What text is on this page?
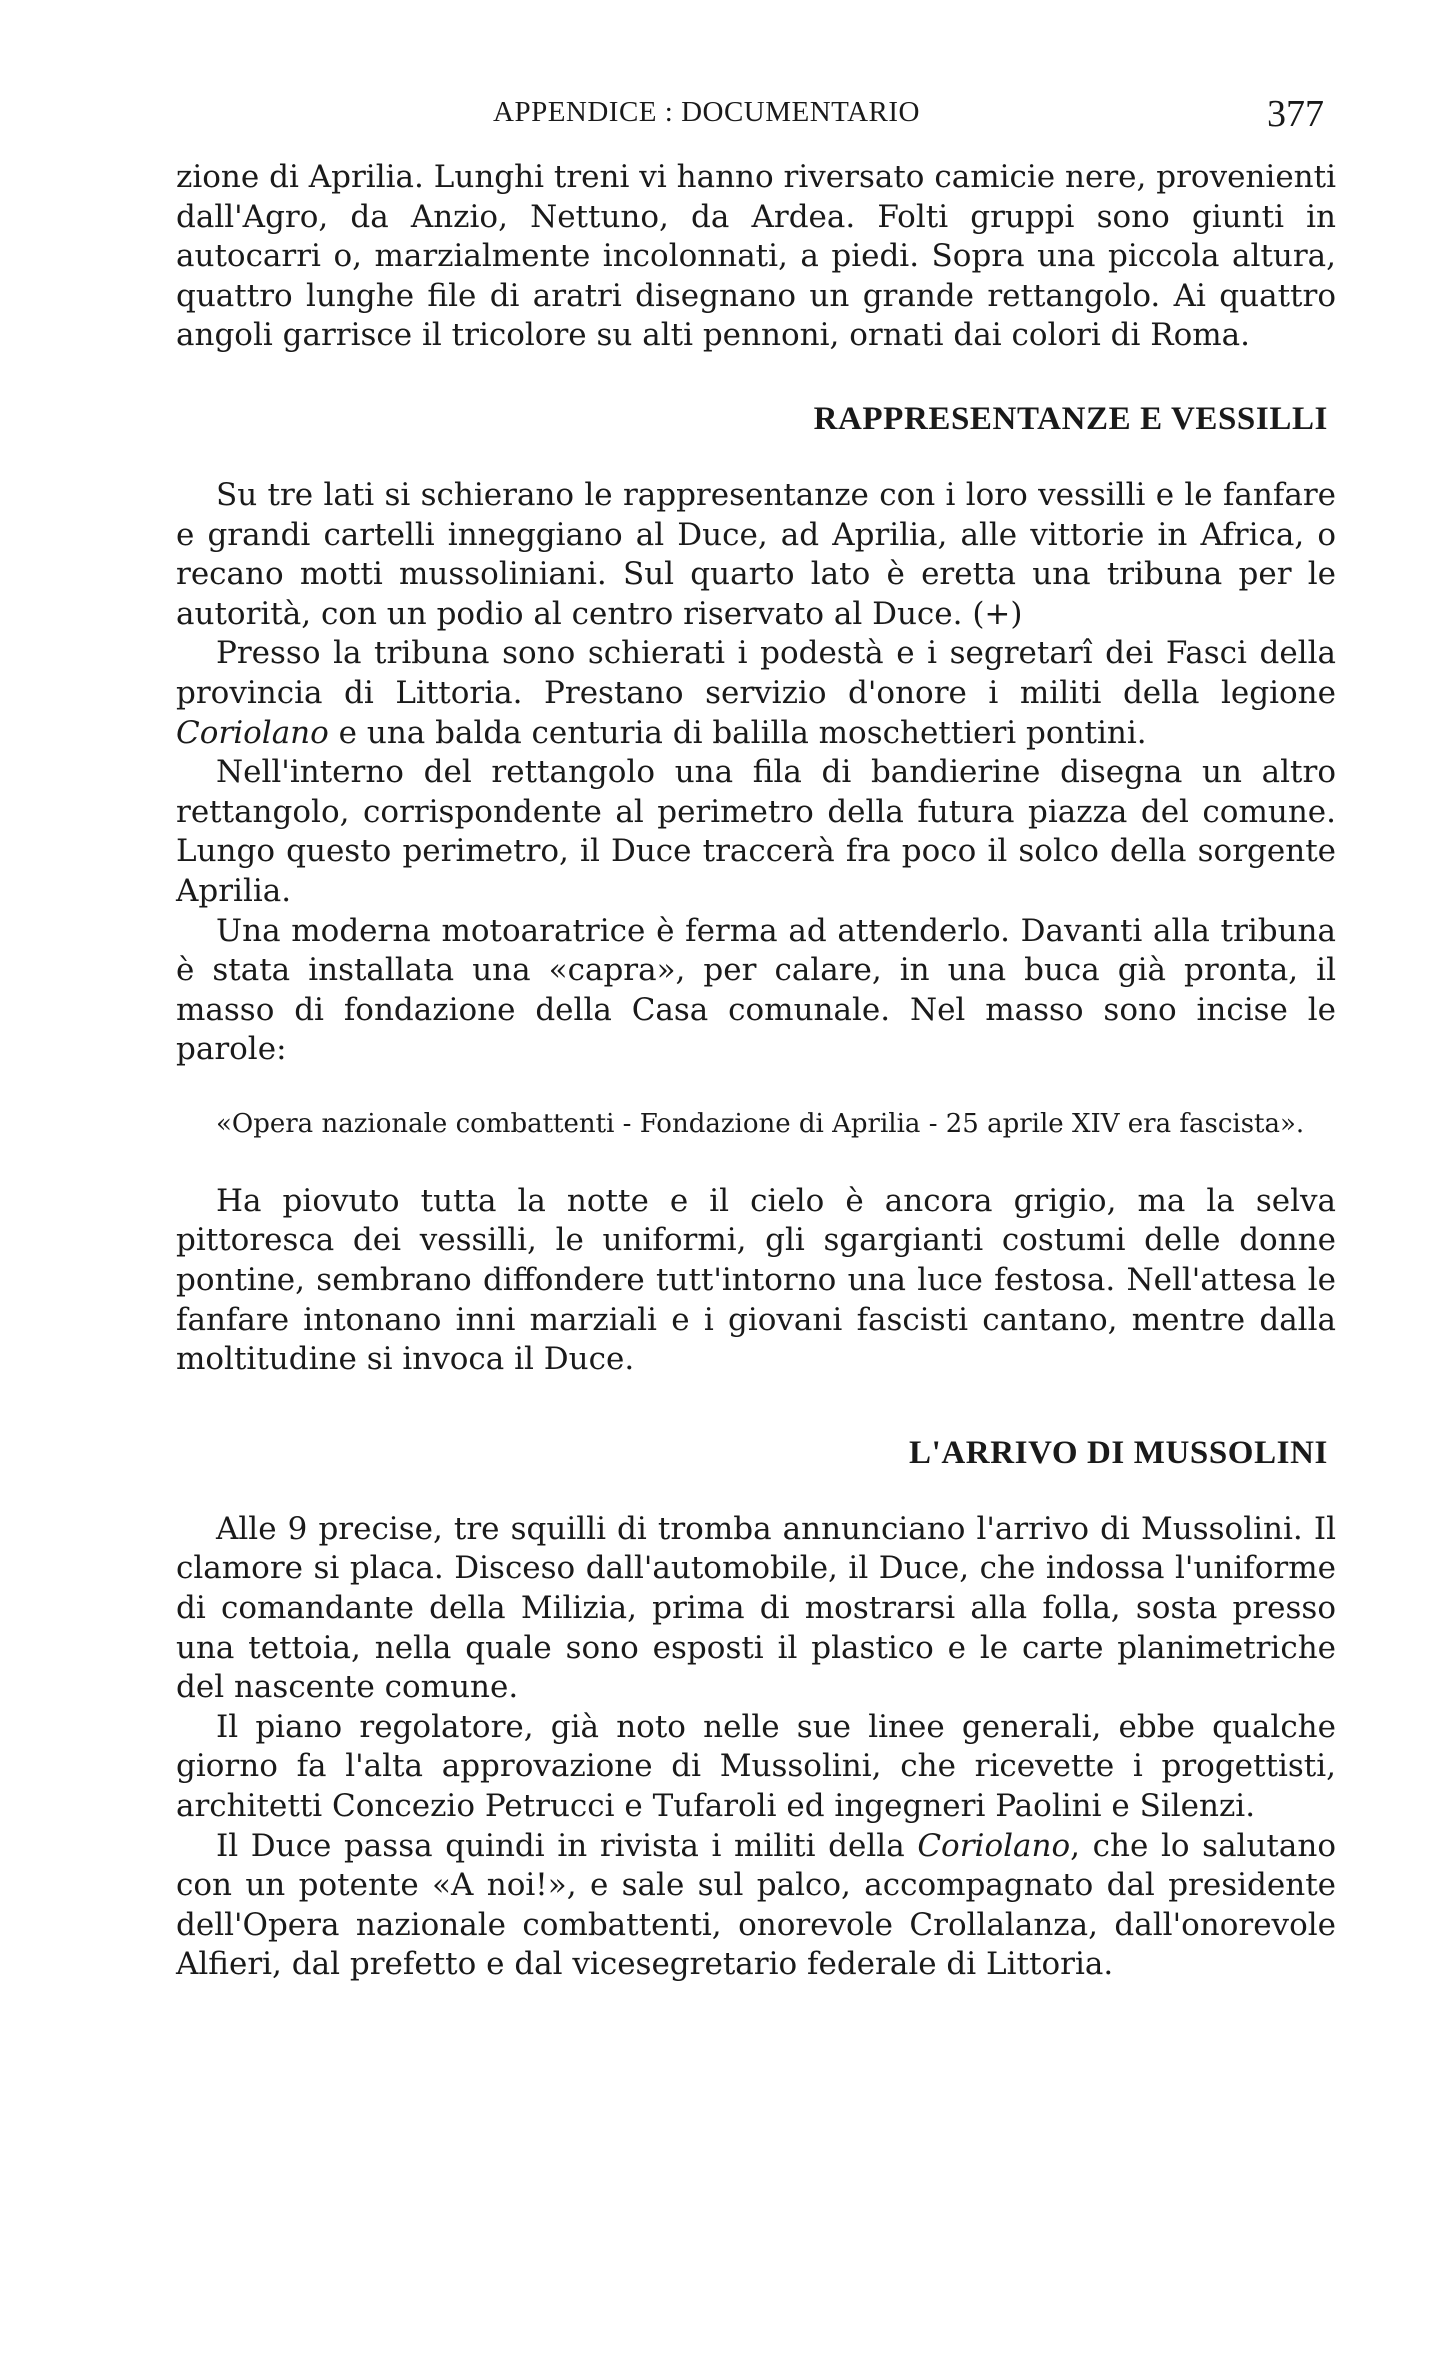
APPENDICE : DOCUMENTARIO	377

zione di Aprilia. Lunghi treni vi hanno riversato camicie nere, provenienti dall'Agro, da Anzio, Nettuno, da Ardea. Folti gruppi sono giunti in autocarri o, marzialmente incolonnati, a piedi. Sopra una piccola altura, quattro lunghe file di aratri disegnano un grande rettangolo. Ai quattro angoli garrisce il tricolore su alti pennoni, ornati dai colori di Roma.

RAPPRESENTANZE E VESSILLI

Su tre lati si schierano le rappresentanze con i loro vessilli e le fanfare e grandi cartelli inneggiano al Duce, ad Aprilia, alle vittorie in Africa, o recano motti mussoliniani. Sul quarto lato è eretta una tribuna per le autorità, con un podio al centro riservato al Duce. (+)

Presso la tribuna sono schierati i podestà e i segretarî dei Fasci della provincia di Littoria. Prestano servizio d'onore i militi della legione Coriolano e una balda centuria di balilla moschettieri pontini.

Nell'interno del rettangolo una fila di bandierine disegna un altro rettangolo, corrispondente al perimetro della futura piazza del comune. Lungo questo perimetro, il Duce traccerà fra poco il solco della sorgente Aprilia.

Una moderna motoaratrice è ferma ad attenderlo. Davanti alla tribuna è stata installata una «capra», per calare, in una buca già pronta, il masso di fondazione della Casa comunale. Nel masso sono incise le parole:

«Opera nazionale combattenti - Fondazione di Aprilia - 25 aprile XIV era fascista».

Ha piovuto tutta la notte e il cielo è ancora grigio, ma la selva pittoresca dei vessilli, le uniformi, gli sgargianti costumi delle donne pontine, sembrano diffondere tutt'intorno una luce festosa. Nell'attesa le fanfare intonano inni marziali e i giovani fascisti cantano, mentre dalla moltitudine si invoca il Duce.

L'ARRIVO DI MUSSOLINI

Alle 9 precise, tre squilli di tromba annunciano l'arrivo di Mussolini. Il clamore si placa. Disceso dall'automobile, il Duce, che indossa l'uniforme di comandante della Milizia, prima di mostrarsi alla folla, sosta presso una tettoia, nella quale sono esposti il plastico e le carte planimetriche del nascente comune.

Il piano regolatore, già noto nelle sue linee generali, ebbe qualche giorno fa l'alta approvazione di Mussolini, che ricevette i progettisti, architetti Concezio Petrucci e Tufaroli ed ingegneri Paolini e Silenzi.

Il Duce passa quindi in rivista i militi della Coriolano, che lo salutano con un potente «A noi!», e sale sul palco, accompagnato dal presidente dell'Opera nazionale combattenti, onorevole Crollalanza, dall'onorevole Alfieri, dal prefetto e dal vicesegretario federale di Littoria.
